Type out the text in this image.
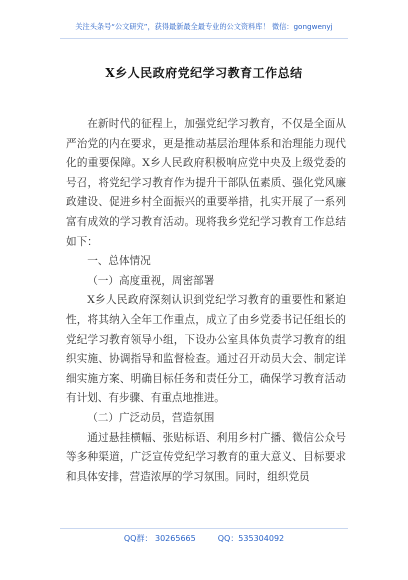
关注头条号“公文研究”，获得最新最全最专业的公文资料库！ 微信：gongwenyj
X乡人民政府党纪学习教育工作总结

在新时代的征程上，加强党纪学习教育，不仅是全面从严治党的内在要求，更是推动基层治理体系和治理能力现代化的重要保障。X乡人民政府积极响应党中央及上级党委的号召，将党纪学习教育作为提升干部队伍素质、强化党风廉政建设、促进乡村全面振兴的重要举措，扎实开展了一系列富有成效的学习教育活动。现将我乡党纪学习教育工作总结如下：

一、总体情况

（一）高度重视，周密部署

X乡人民政府深刻认识到党纪学习教育的重要性和紧迫性，将其纳入全年工作重点，成立了由乡党委书记任组长的党纪学习教育领导小组，下设办公室具体负责学习教育的组织实施、协调指导和监督检查。通过召开动员大会、制定详细实施方案、明确目标任务和责任分工，确保学习教育活动有计划、有步骤、有重点地推进。

（二）广泛动员，营造氛围

通过悬挂横幅、张贴标语、利用乡村广播、微信公众号等多种渠道，广泛宣传党纪学习教育的重大意义、目标要求和具体安排，营造浓厚的学习氛围。同时，组织党员

QQ群： 30265665	QQ：535304092
